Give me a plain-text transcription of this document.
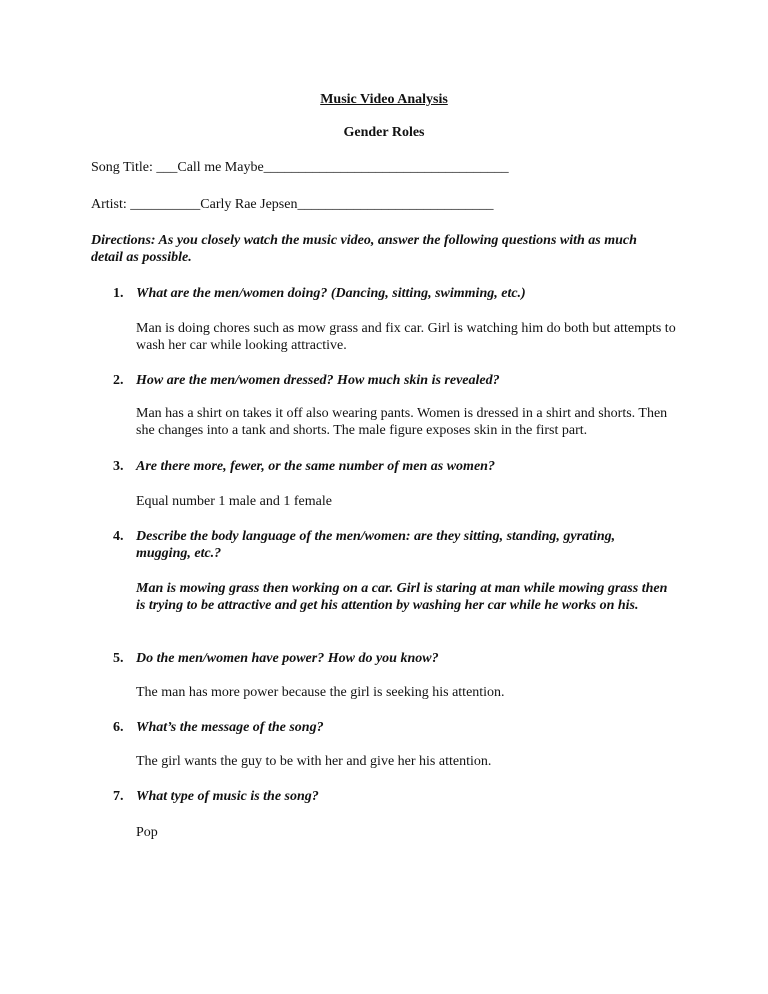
Music Video Analysis
Gender Roles
Song Title: ___Call me Maybe___________________________________
Artist: __________Carly Rae Jepsen____________________________
Directions: As you closely watch the music video, answer the following questions with as much detail as possible.
1. What are the men/women doing? (Dancing, sitting, swimming, etc.)
Man is doing chores such as mow grass and fix car. Girl is watching him do both but attempts to wash her car while looking attractive.
2. How are the men/women dressed? How much skin is revealed?
Man has a shirt on takes it off also wearing pants. Women is dressed in a shirt and shorts. Then she changes into a tank and shorts. The male figure exposes skin in the first part.
3. Are there more, fewer, or the same number of men as women?
Equal number 1 male and 1 female
4. Describe the body language of the men/women: are they sitting, standing, gyrating, mugging, etc.?
Man is mowing grass then working on a car. Girl is staring at man while mowing grass then is trying to be attractive and get his attention by washing her car while he works on his.
5. Do the men/women have power? How do you know?
The man has more power because the girl is seeking his attention.
6. What’s the message of the song?
The girl wants the guy to be with her and give her his attention.
7. What type of music is the song?
Pop
